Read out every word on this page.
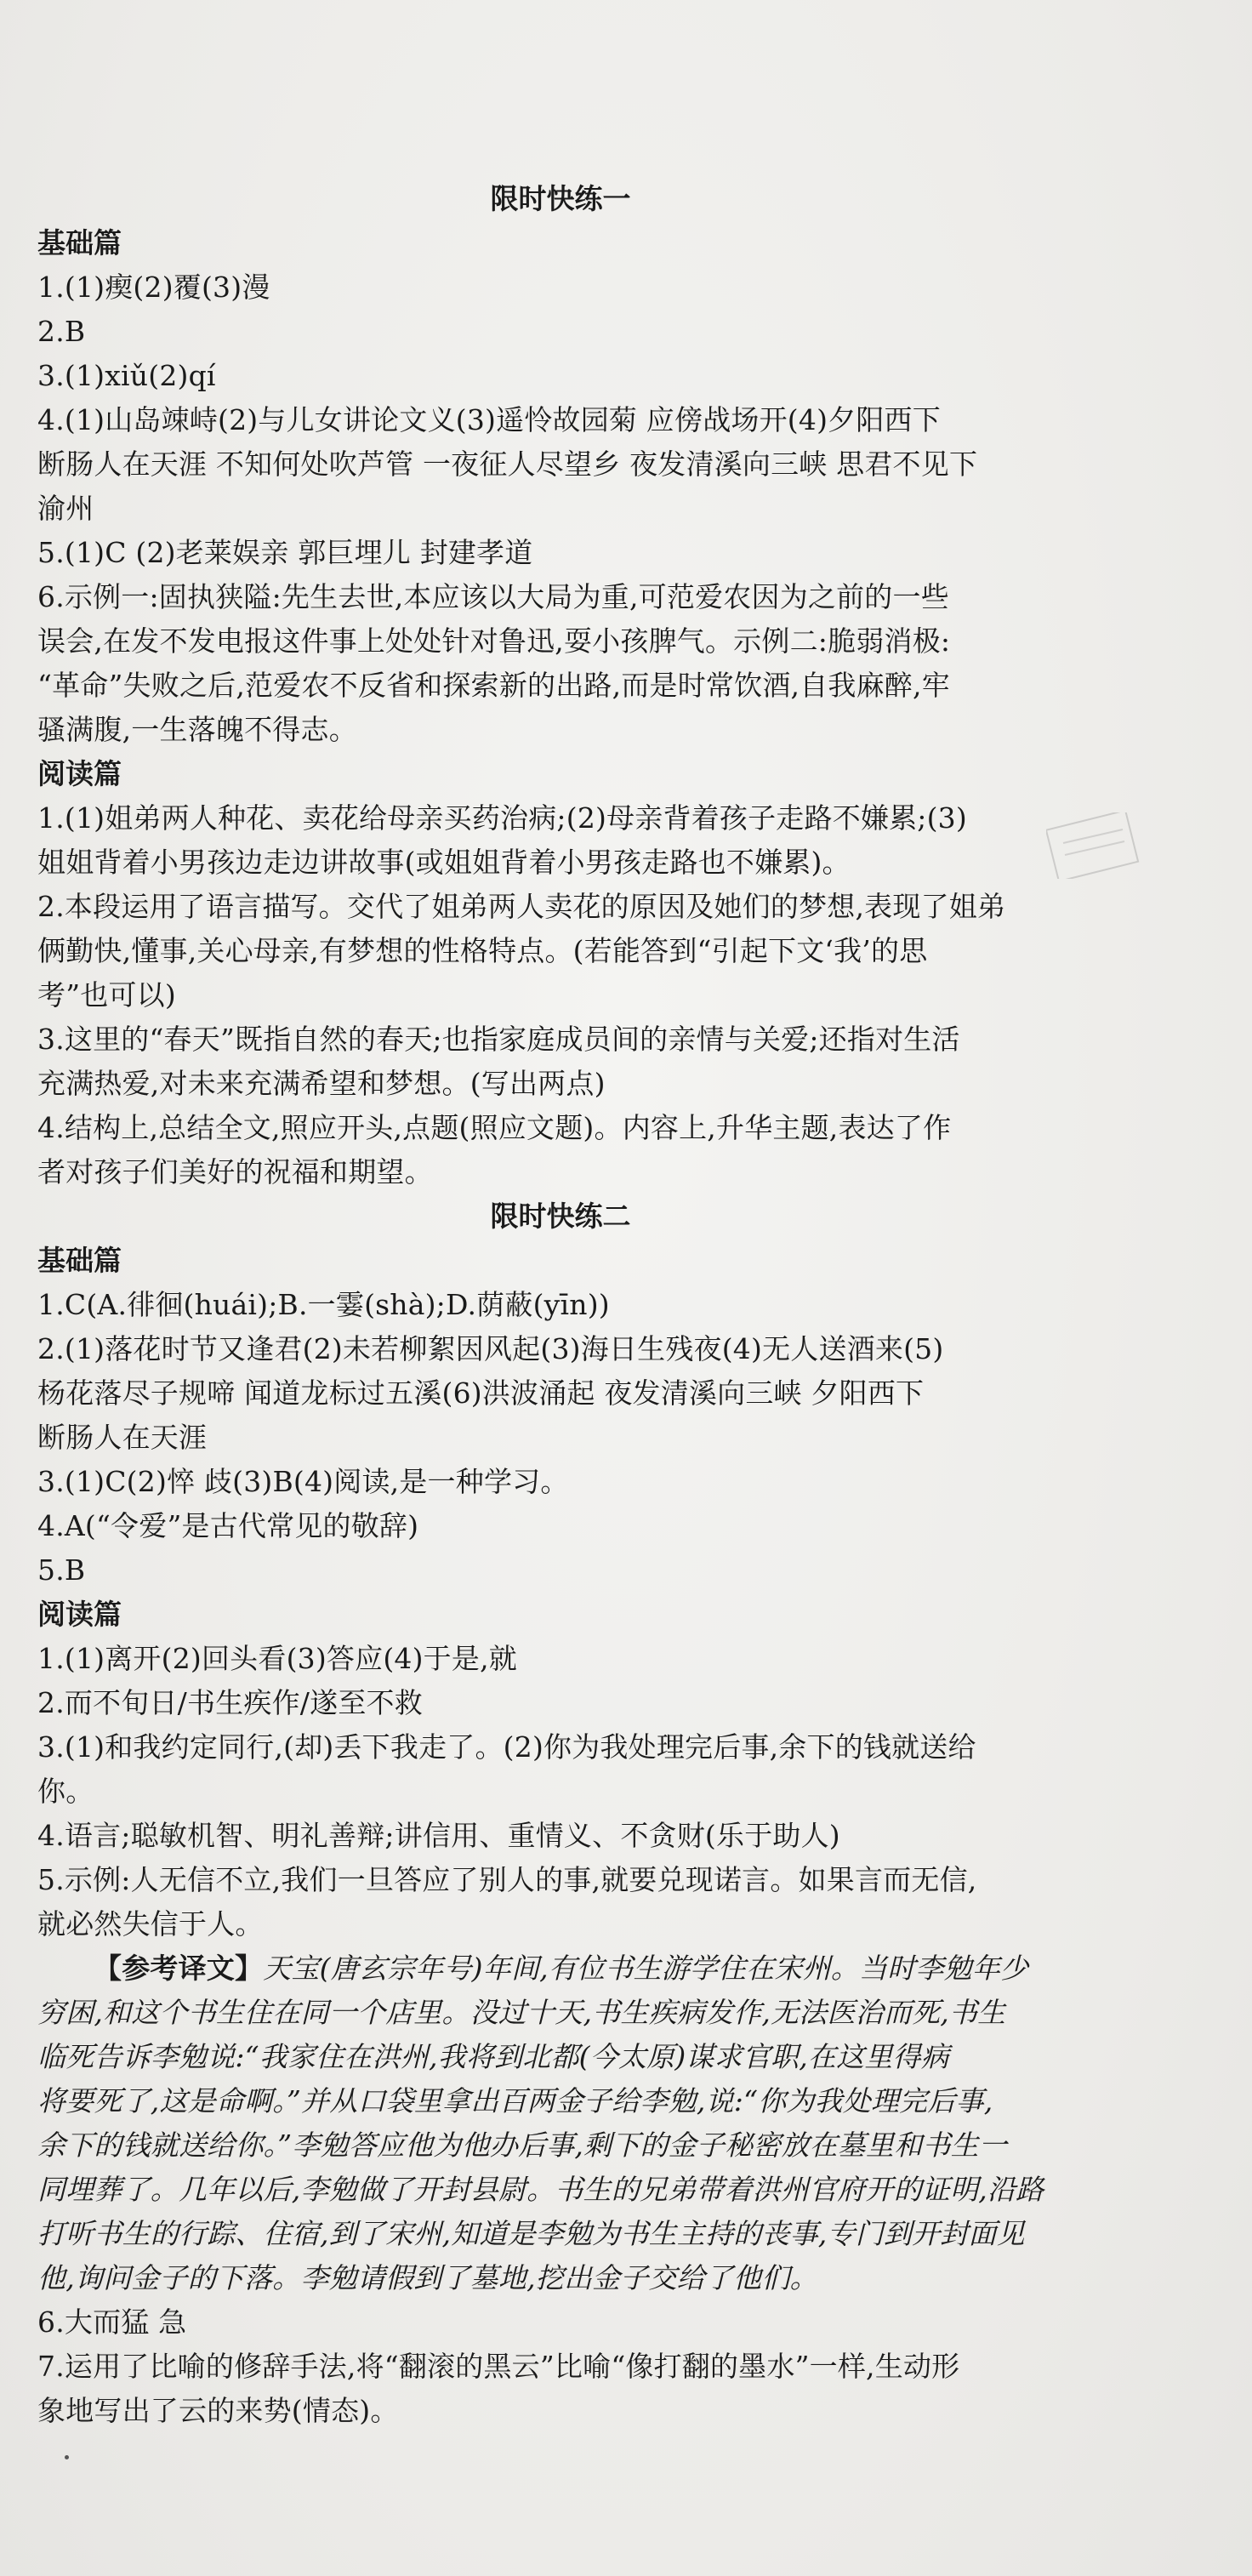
限时快练一
基础篇
1.(1)瘈(2)覆(3)漫
2.B
3.(1)xiǔ(2)qí
4.(1)山岛竦峙(2)与儿女讲论文义(3)遥怜故园菊 应傍战场开(4)夕阳西下
断肠人在天涯 不知何处吹芦管 一夜征人尽望乡 夜发清溪向三峡 思君不见下
渝州
5.(1)C (2)老莱娱亲 郭巨埋儿 封建孝道
6.示例一:固执狭隘:先生去世,本应该以大局为重,可范爱农因为之前的一些
误会,在发不发电报这件事上处处针对鲁迅,耍小孩脾气。示例二:脆弱消极:
“革命”失败之后,范爱农不反省和探索新的出路,而是时常饮酒,自我麻醉,牢
骚满腹,一生落魄不得志。
阅读篇
1.(1)姐弟两人种花、卖花给母亲买药治病;(2)母亲背着孩子走路不嫌累;(3)
姐姐背着小男孩边走边讲故事(或姐姐背着小男孩走路也不嫌累)。
2.本段运用了语言描写。交代了姐弟两人卖花的原因及她们的梦想,表现了姐弟
俩勤快,懂事,关心母亲,有梦想的性格特点。(若能答到“引起下文‘我’的思
考”也可以)
3.这里的“春天”既指自然的春天;也指家庭成员间的亲情与关爱;还指对生活
充满热爱,对未来充满希望和梦想。(写出两点)
4.结构上,总结全文,照应开头,点题(照应文题)。内容上,升华主题,表达了作
者对孩子们美好的祝福和期望。
限时快练二
基础篇
1.C(A.徘徊(huái);B.一霎(shà);D.荫蔽(yīn))
2.(1)落花时节又逢君(2)未若柳絮因风起(3)海日生残夜(4)无人送酒来(5)
杨花落尽子规啼 闻道龙标过五溪(6)洪波涌起 夜发清溪向三峡 夕阳西下
断肠人在天涯
3.(1)C(2)悴 歧(3)B(4)阅读,是一种学习。
4.A(“令爱”是古代常见的敬辞)
5.B
阅读篇
1.(1)离开(2)回头看(3)答应(4)于是,就
2.而不旬日/书生疾作/遂至不救
3.(1)和我约定同行,(却)丢下我走了。(2)你为我处理完后事,余下的钱就送给
你。
4.语言;聪敏机智、明礼善辩;讲信用、重情义、不贪财(乐于助人)
5.示例:人无信不立,我们一旦答应了别人的事,就要兑现诺言。如果言而无信,
就必然失信于人。
【参考译文】天宝(唐玄宗年号)年间,有位书生游学住在宋州。当时李勉年少
穷困,和这个书生住在同一个店里。没过十天,书生疾病发作,无法医治而死,书生
临死告诉李勉说:“我家住在洪州,我将到北都(今太原)谋求官职,在这里得病
将要死了,这是命啊。”并从口袋里拿出百两金子给李勉,说:“你为我处理完后事,
余下的钱就送给你。”李勉答应他为他办后事,剩下的金子秘密放在墓里和书生一
同埋葬了。几年以后,李勉做了开封县尉。书生的兄弟带着洪州官府开的证明,沿路
打听书生的行踪、住宿,到了宋州,知道是李勉为书生主持的丧事,专门到开封面见
他,询问金子的下落。李勉请假到了墓地,挖出金子交给了他们。
6.大而猛 急
7.运用了比喻的修辞手法,将“翻滚的黑云”比喻“像打翻的墨水”一样,生动形
象地写出了云的来势(情态)。
